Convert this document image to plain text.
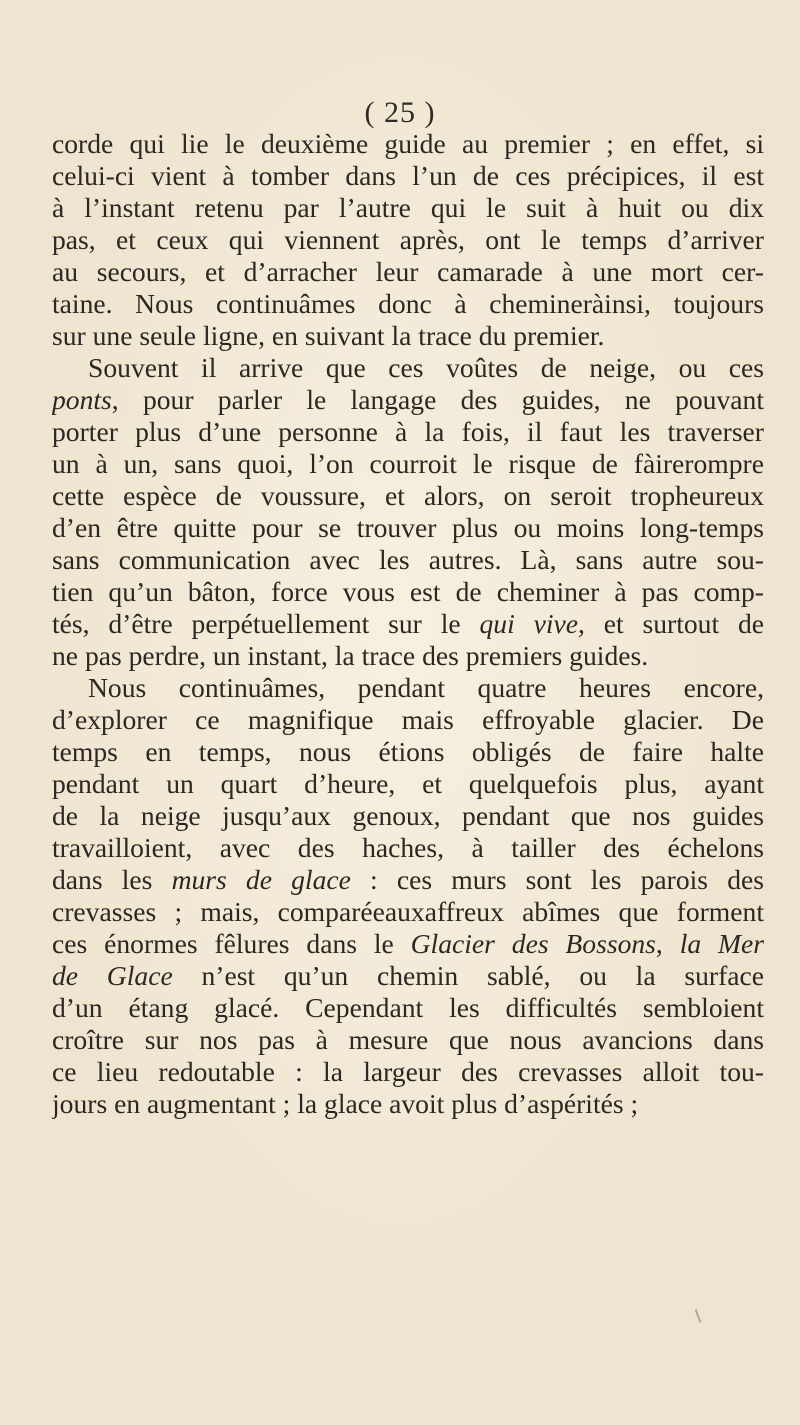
( 25 )
corde qui lie le deuxième guide au premier ; en effet, si
celui-ci vient à tomber dans l’un de ces précipices, il est
à l’instant retenu par l’autre qui le suit à huit ou dix
pas, et ceux qui viennent après, ont le temps d’arriver
au secours, et d’arracher leur camarade à une mort cer-
taine. Nous continuâmes donc à chemineràinsi, toujours
sur une seule ligne, en suivant la trace du premier.
Souvent il arrive que ces voûtes de neige, ou ces
ponts, pour parler le langage des guides, ne pouvant
porter plus d’une personne à la fois, il faut les traverser
un à un, sans quoi, l’on courroit le risque de fàirerompre
cette espèce de voussure, et alors, on seroit tropheureux
d’en être quitte pour se trouver plus ou moins long-temps
sans communication avec les autres. Là, sans autre sou-
tien qu’un bâton, force vous est de cheminer à pas comp-
tés, d’être perpétuellement sur le qui vive, et surtout de
ne pas perdre, un instant, la trace des premiers guides.
Nous continuâmes, pendant quatre heures encore,
d’explorer ce magnifique mais effroyable glacier. De
temps en temps, nous étions obligés de faire halte
pendant un quart d’heure, et quelquefois plus, ayant
de la neige jusqu’aux genoux, pendant que nos guides
travailloient, avec des haches, à tailler des échelons
dans les murs de glace : ces murs sont les parois des
crevasses ; mais, comparéeauxaffreux abîmes que forment
ces énormes fêlures dans le Glacier des Bossons, la Mer
de Glace n’est qu’un chemin sablé, ou la surface
d’un étang glacé. Cependant les difficultés sembloient
croître sur nos pas à mesure que nous avancions dans
ce lieu redoutable : la largeur des crevasses alloit tou-
jours en augmentant ; la glace avoit plus d’aspérités ;
